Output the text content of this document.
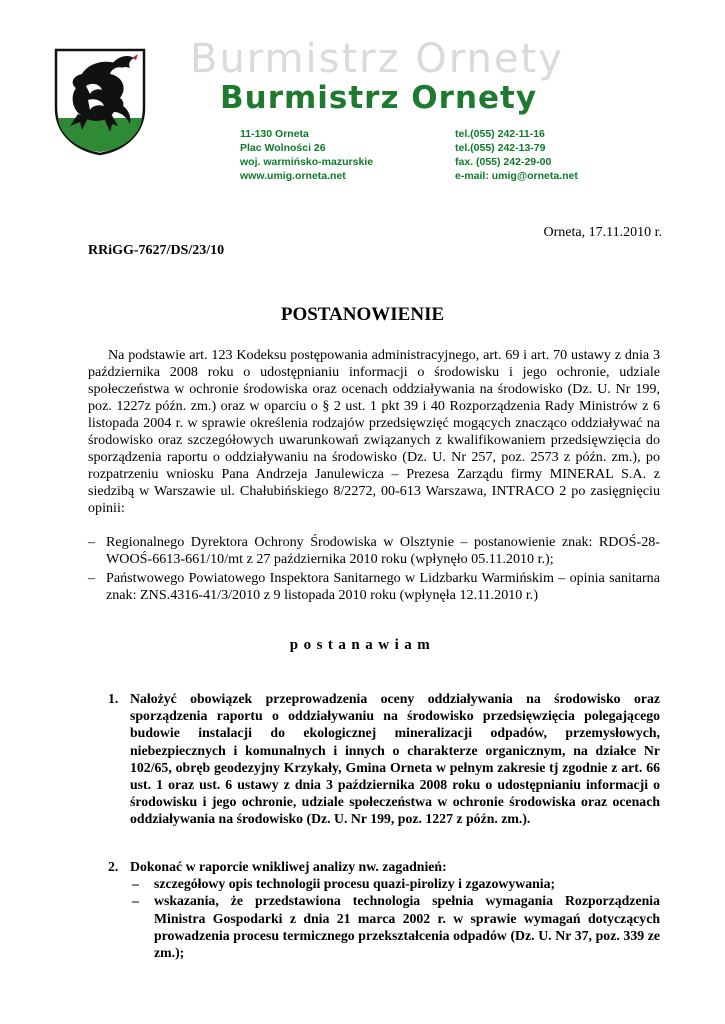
Burmistrz Ornety
Burmistrz Ornety
11-130 Orneta
Plac Wolności 26
woj. warmińsko-mazurskie
www.umig.orneta.net
tel.(055) 242-11-16
tel.(055) 242-13-79
fax. (055) 242-29-00
e-mail: umig@orneta.net
Orneta, 17.11.2010 r.
RRiGG-7627/DS/23/10
POSTANOWIENIE

Na podstawie art. 123 Kodeksu postępowania administracyjnego, art. 69 i art. 70 ustawy z dnia 3 października 2008 roku o udostępnianiu informacji o środowisku i jego ochronie, udziale społeczeństwa w ochronie środowiska oraz ocenach oddziaływania na środowisko (Dz. U. Nr 199, poz. 1227z późn. zm.) oraz w oparciu o § 2 ust. 1 pkt 39 i 40 Rozporządzenia Rady Ministrów z 6 listopada 2004 r. w sprawie określenia rodzajów przedsięwzięć mogących znacząco oddziaływać na środowisko oraz szczegółowych uwarunkowań związanych z kwalifikowaniem przedsięwzięcia do sporządzenia raportu o oddziaływaniu na środowisko (Dz. U. Nr 257, poz. 2573 z późn. zm.), po rozpatrzeniu wniosku Pana Andrzeja Janulewicza – Prezesa Zarządu firmy MINERAL S.A. z siedzibą w Warszawie ul. Chałubińskiego 8/2272, 00-613 Warszawa, INTRACO 2 po zasięgnięciu opinii:

– Regionalnego Dyrektora Ochrony Środowiska w Olsztynie – postanowienie znak: RDOŚ-28-WOOŚ-6613-661/10/mt z 27 października 2010 roku (wpłynęło 05.11.2010 r.);
– Państwowego Powiatowego Inspektora Sanitarnego w Lidzbarku Warmińskim – opinia sanitarna znak: ZNS.4316-41/3/2010 z 9 listopada 2010 roku (wpłynęła 12.11.2010 r.)
postanawiam
1. Nałożyć obowiązek przeprowadzenia oceny oddziaływania na środowisko oraz sporządzenia raportu o oddziaływaniu na środowisko przedsięwzięcia polegającego budowie instalacji do ekologicznej mineralizacji odpadów, przemysłowych, niebezpiecznych i komunalnych i innych o charakterze organicznym, na działce Nr 102/65, obręb geodezyjny Krzykały, Gmina Orneta w pełnym zakresie tj zgodnie z art. 66 ust. 1 oraz ust. 6 ustawy z dnia 3 października 2008 roku o udostępnianiu informacji o środowisku i jego ochronie, udziale społeczeństwa w ochronie środowiska oraz ocenach oddziaływania na środowisko (Dz. U. Nr 199, poz. 1227 z późn. zm.).
2. Dokonać w raporcie wnikliwej analizy nw. zagadnień:
– szczegółowy opis technologii procesu quazi-pirolizy i zgazowywania;
– wskazania, że przedstawiona technologia spełnia wymagania Rozporządzenia Ministra Gospodarki z dnia 21 marca 2002 r. w sprawie wymagań dotyczących prowadzenia procesu termicznego przekształcenia odpadów (Dz. U. Nr 37, poz. 339 ze zm.);
